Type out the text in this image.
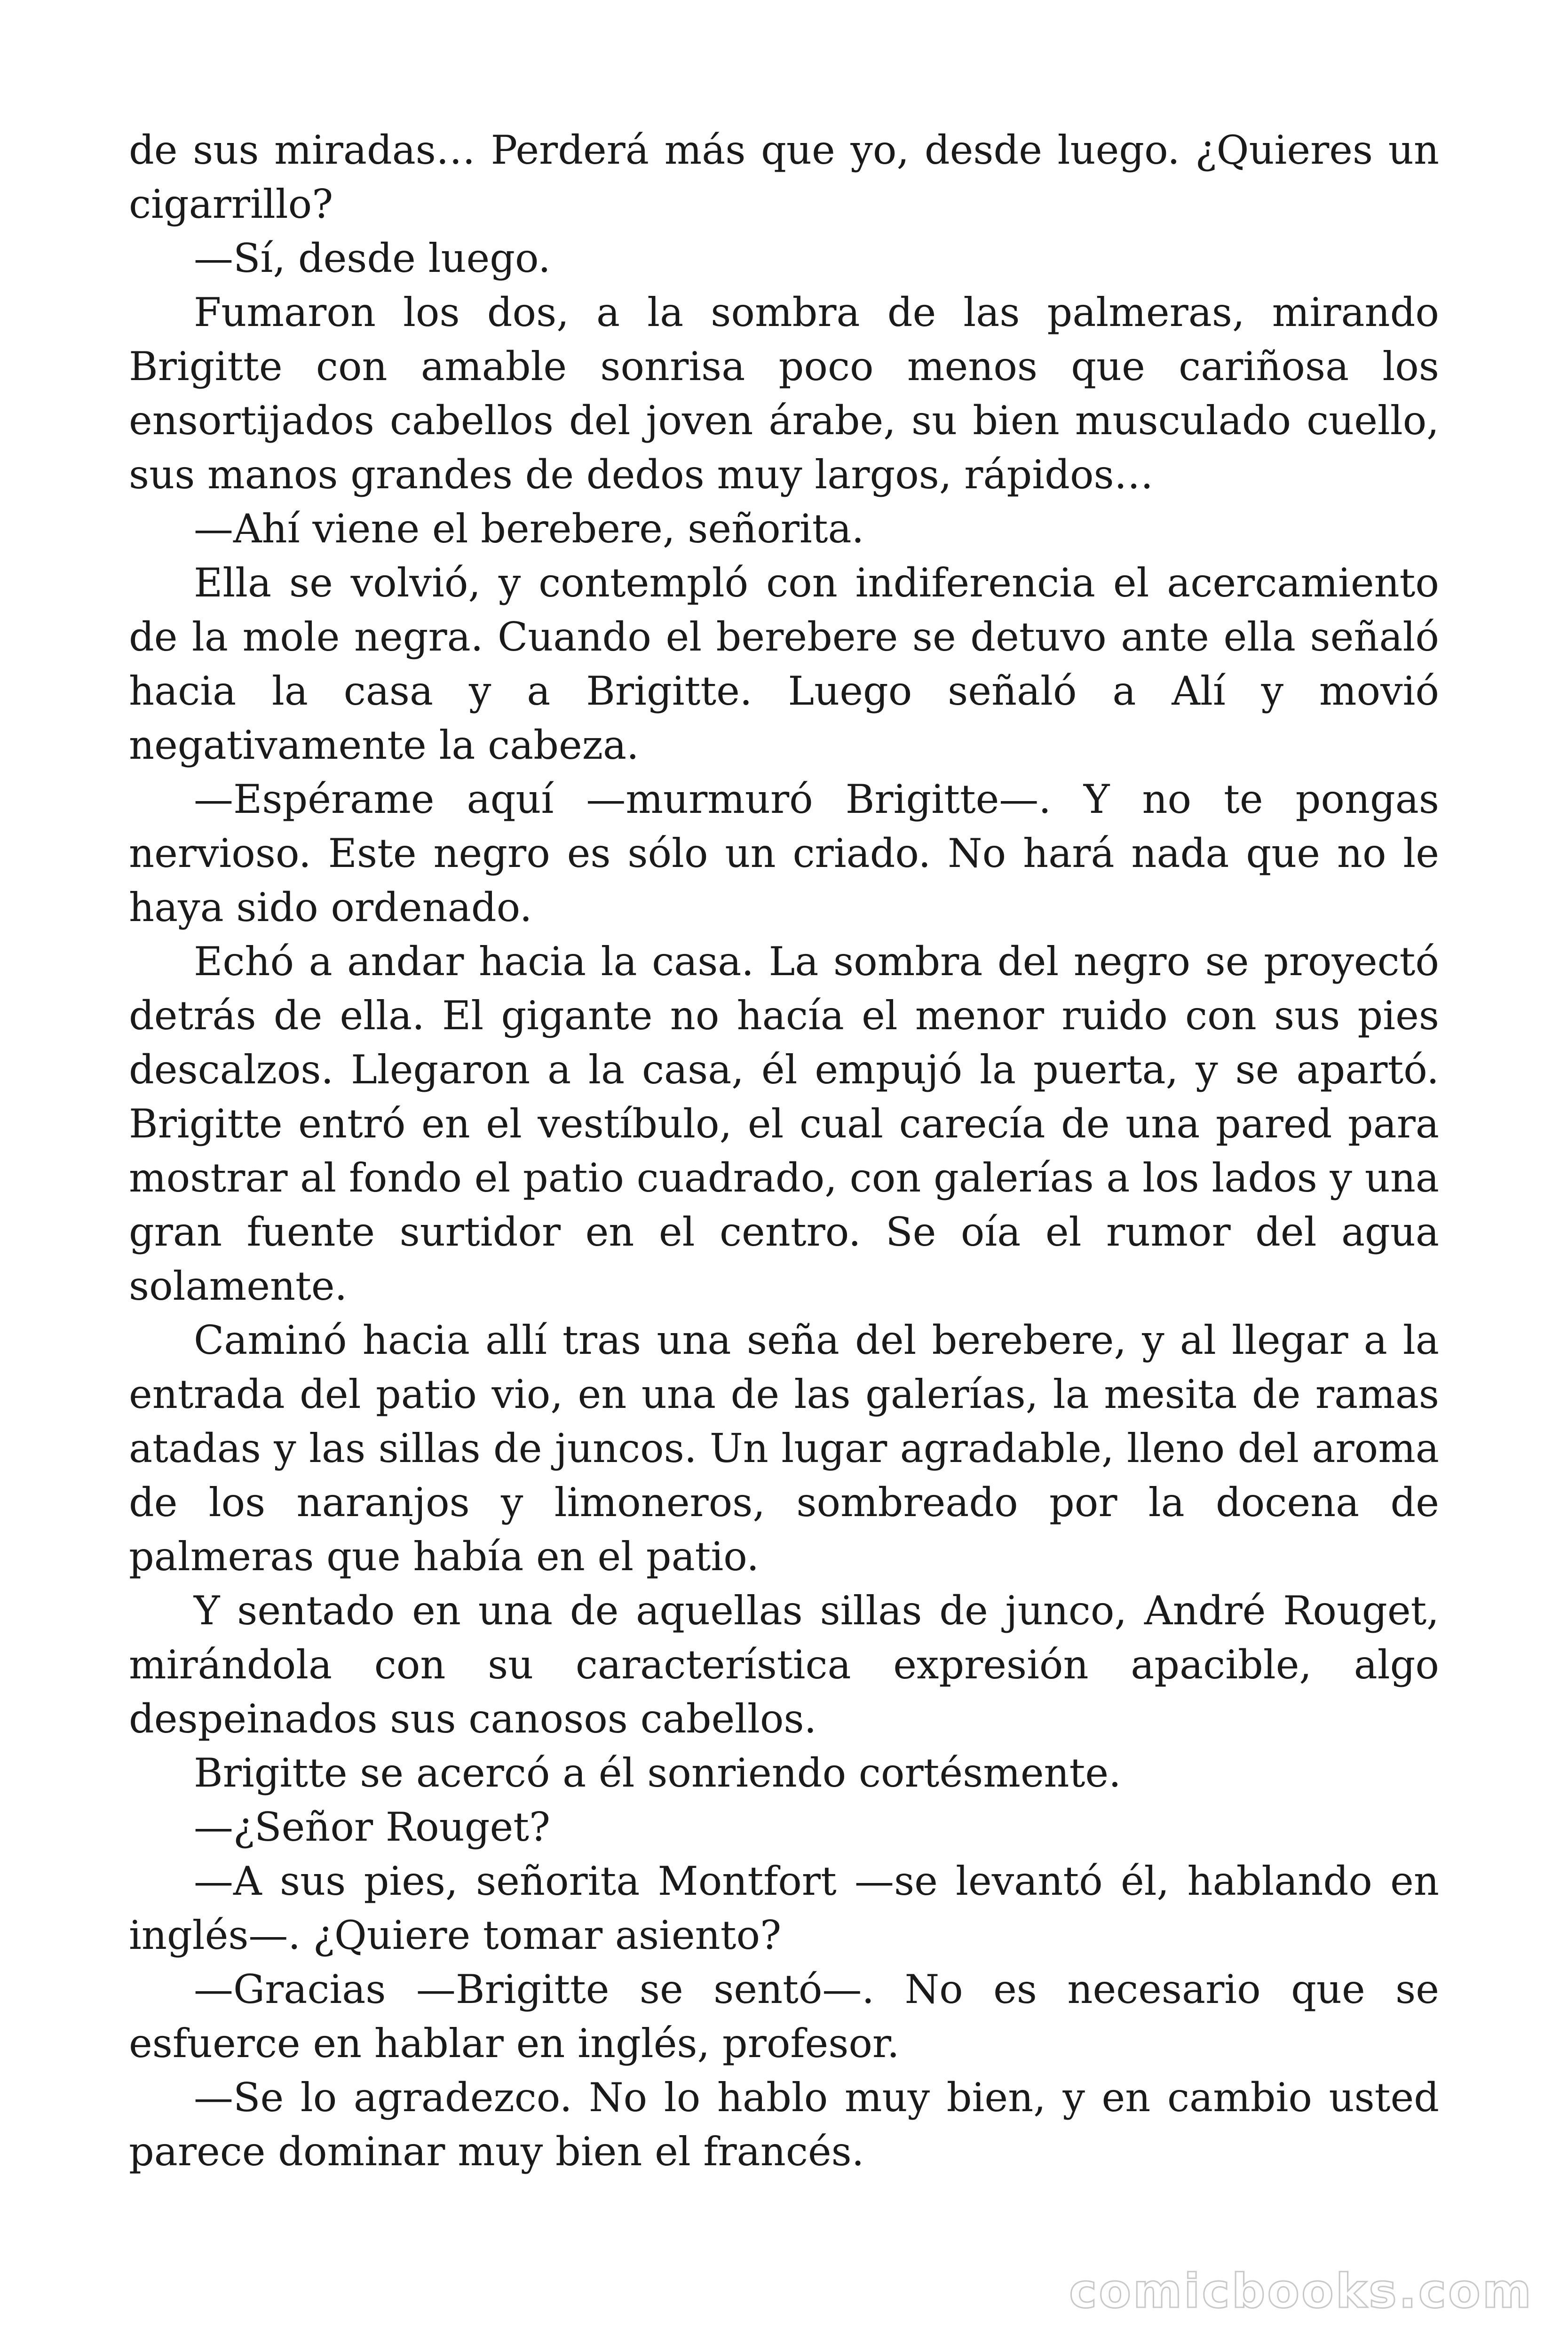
de sus miradas… Perderá más que yo, desde luego. ¿Quieres un cigarrillo?

—Sí, desde luego.

Fumaron los dos, a la sombra de las palmeras, mirando Brigitte con amable sonrisa poco menos que cariñosa los ensortijados cabellos del joven árabe, su bien musculado cuello, sus manos grandes de dedos muy largos, rápidos…

—Ahí viene el berebere, señorita.

Ella se volvió, y contempló con indiferencia el acercamiento de la mole negra. Cuando el berebere se detuvo ante ella señaló hacia la casa y a Brigitte. Luego señaló a Alí y movió negativamente la cabeza.

—Espérame aquí —murmuró Brigitte—. Y no te pongas nervioso. Este negro es sólo un criado. No hará nada que no le haya sido ordenado.

Echó a andar hacia la casa. La sombra del negro se proyectó detrás de ella. El gigante no hacía el menor ruido con sus pies descalzos. Llegaron a la casa, él empujó la puerta, y se apartó. Brigitte entró en el vestíbulo, el cual carecía de una pared para mostrar al fondo el patio cuadrado, con galerías a los lados y una gran fuente surtidor en el centro. Se oía el rumor del agua solamente.

Caminó hacia allí tras una seña del berebere, y al llegar a la entrada del patio vio, en una de las galerías, la mesita de ramas atadas y las sillas de juncos. Un lugar agradable, lleno del aroma de los naranjos y limoneros, sombreado por la docena de palmeras que había en el patio.

Y sentado en una de aquellas sillas de junco, André Rouget, mirándola con su característica expresión apacible, algo despeinados sus canosos cabellos.

Brigitte se acercó a él sonriendo cortésmente.

—¿Señor Rouget?

—A sus pies, señorita Montfort —se levantó él, hablando en inglés—. ¿Quiere tomar asiento?

—Gracias —Brigitte se sentó—. No es necesario que se esfuerce en hablar en inglés, profesor.

—Se lo agradezco. No lo hablo muy bien, y en cambio usted parece dominar muy bien el francés.

comicbooks.com
